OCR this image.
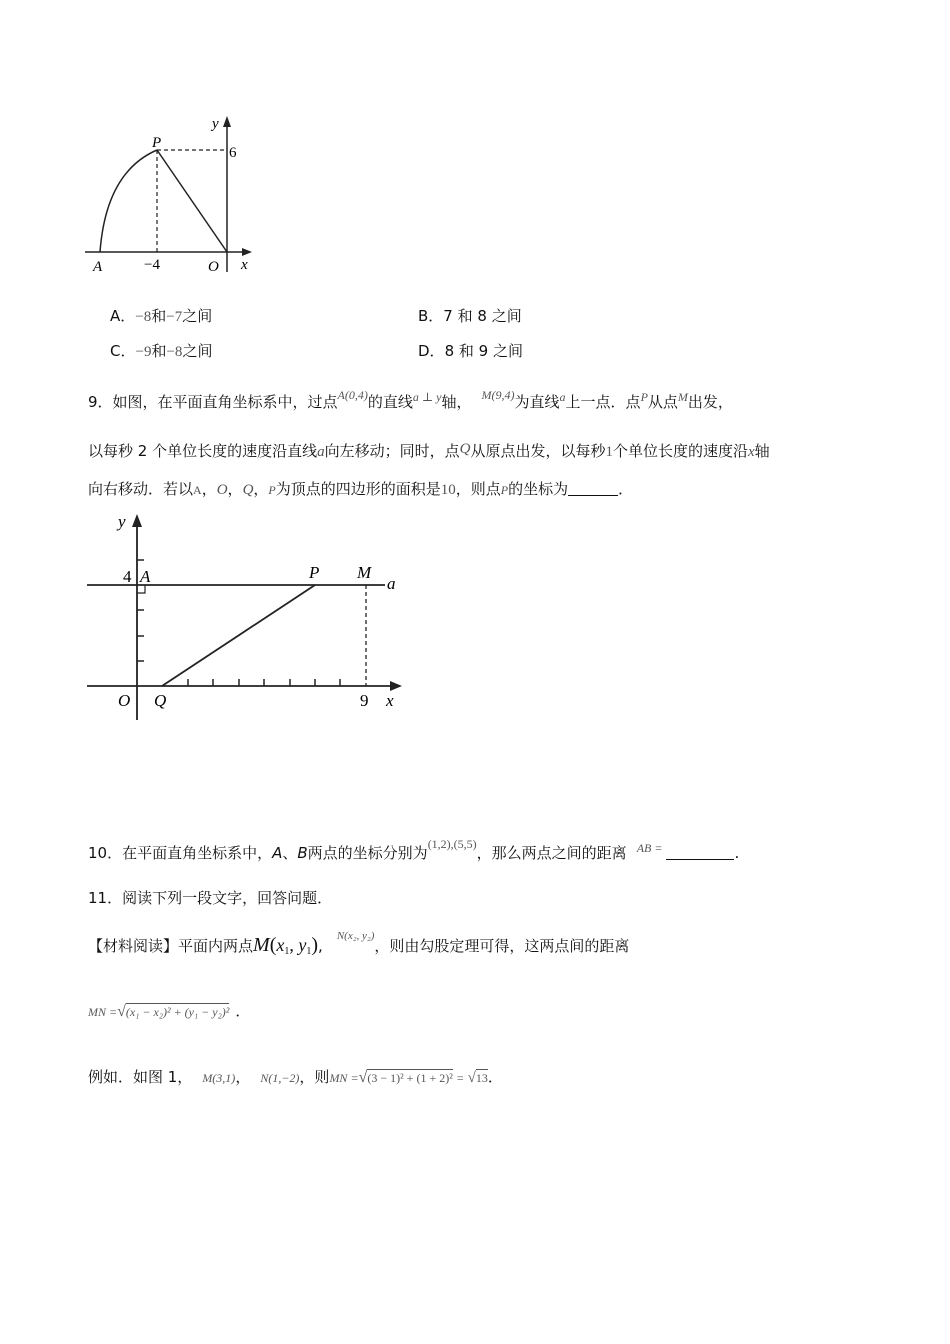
y
P
6
A	−4	O x
A．−8和−7之间	B．7 和 8 之间
C．−9和−8之间	D．8 和 9 之间
9．如图，在平面直角坐标系中，过点$^{A(0,4)}$的直线$^{a \perp y}$轴， $^{M(9,4)}$为直线$^a$上一点．点$^P$从点$^M$出发，
以每秒 2 个单位长度的速度沿直线a向左移动；同时，点Q从原点出发，以每秒1个单位长度的速度沿x轴
向右移动．若以A，O，Q，P为顶点的四边形的面积是10，则点P的坐标为	．
y
4 A	P M
a
O Q	9 x
10．在平面直角坐标系中，A、B两点的坐标分别为$^{(1,2),(5,5)}$，那么两点之间的距离 $^{AB =}$	.
11．阅读下列一段文字，回答问题．
【材料阅读】平面内两点$M(x_1$, $y_1),^{N(x_2, y_2)}$，则由勾股定理可得，这两点间的距离
MN =√(x₁ − x₂)² + (y₁ − y₂)² ．
例如．如图 1， M(3,1)， N(1,−2)，则MN =√(3 − 1)² + (1 + 2)² = √13．
